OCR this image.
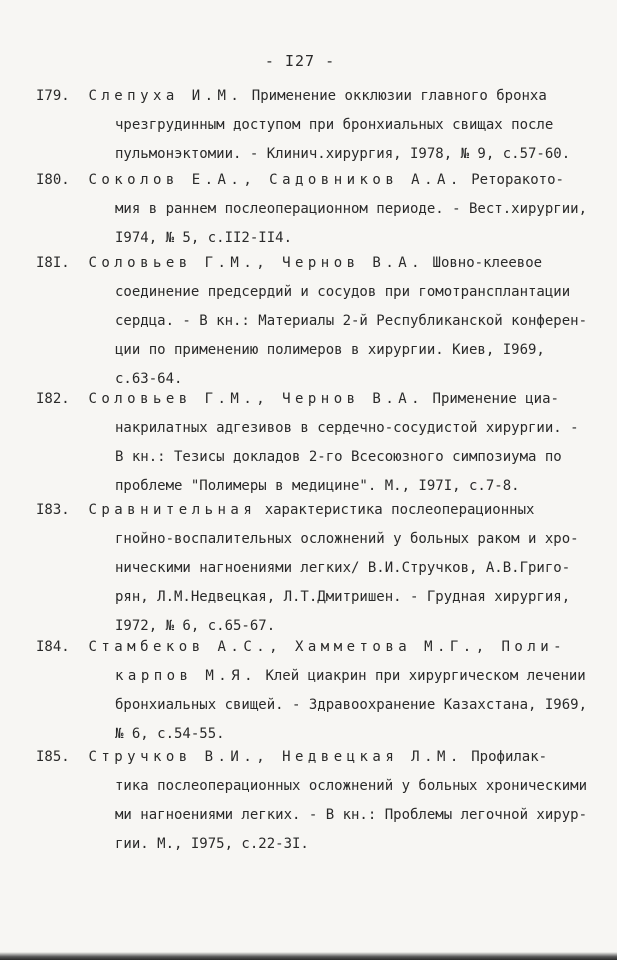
- I27 -
I79. Слепуха И.М. Применение окклюзии главного бронха
чрезгрудинным доступом при бронхиальных свищах после
пульмонэктомии. - Клинич.хирургия, I978, № 9, с.57-60.
I80. Соколов Е.А., Садовников А.А. Реторакото-
мия в раннем послеоперационном периоде. - Вест.хирургии,
I974, № 5, с.II2-II4.
I8I. Соловьев Г.М., Чернов В.А. Шовно-клеевое
соединение предсердий и сосудов при гомотрансплантации
сердца. - В кн.: Материалы 2-й Республиканской конферен-
ции по применению полимеров в хирургии. Киев, I969,
с.63-64.
I82. Соловьев Г.М., Чернов В.А. Применение циа-
накрилатных адгезивов в сердечно-сосудистой хирургии. -
В кн.: Тезисы докладов 2-го Всесоюзного симпозиума по
проблеме "Полимеры в медицине". М., I97I, с.7-8.
I83. Сравнительная характеристика послеоперационных
гнойно-воспалительных осложнений у больных раком и хро-
ническими нагноениями легких/ В.И.Стручков, А.В.Григо-
рян, Л.М.Недвецкая, Л.Т.Дмитришен. - Грудная хирургия,
I972, № 6, с.65-67.
I84. Стамбеков А.С., Хамметова М.Г., Поли-
карпов М.Я. Клей циакрин при хирургическом лечении
бронхиальных свищей. - Здравоохранение Казахстана, I969,
№ 6, с.54-55.
I85. Стручков В.И., Недвецкая Л.М. Профилак-
тика послеоперационных осложнений у больных хроническими
ми нагноениями легких. - В кн.: Проблемы легочной хирур-
гии. М., I975, с.22-3I.
